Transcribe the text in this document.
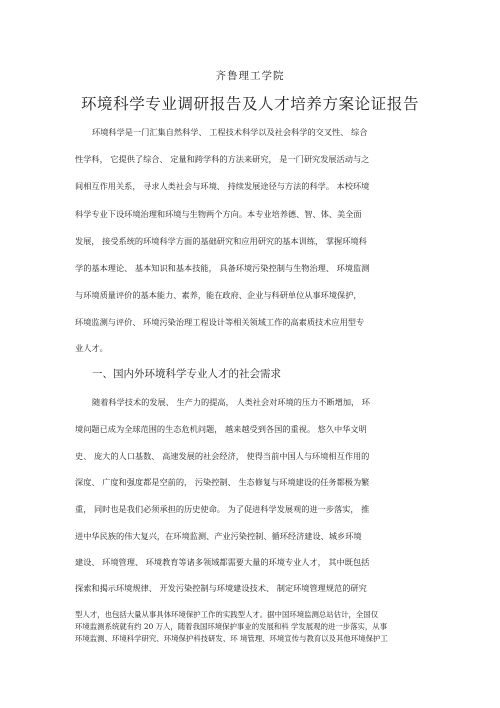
齐鲁理工学院
环境科学专业调研报告及人才培养方案论证报告
环境科学是一门汇集自然科学、 工程技术科学以及社会科学的交叉性、 综合
性学科， 它提供了综合、 定量和跨学科的方法来研究， 是一门研究发展活动与之
间相互作用关系， 寻求人类社会与环境、 持续发展途径与方法的科学。 本校环境
科学专业下设环境治理和环境与生物两个方向。本专业培养德、智、体、美全面
发展， 接受系统的环境科学方面的基础研究和应用研究的基本训练， 掌握环境科
学的基本理论、 基本知识和基本技能， 具备环境污染控制与生物治理、 环境监测
与环境质量评价的基本能力、素养，能在政府、企业与科研单位从事环境保护，
环境监测与评价、 环境污染治理工程设计等相关领域工作的高素质技术应用型专
业人才。
一、国内外环境科学专业人才的社会需求
随着科学技术的发展、 生产力的提高， 人类社会对环境的压力不断增加， 环
境问题已成为全球范围的生态危机问题， 越来越受到各国的重视。 悠久中华文明
史、 庞大的人口基数、 高速发展的社会经济， 使得当前中国人与环境相互作用的
深度、 广度和强度都是空前的， 污染控制、 生态修复与环境建设的任务都极为繁
重， 同时也是我们必须承担的历史使命。 为了促进科学发展观的进一步落实， 推
进中华民族的伟大复兴，在环境监测、产业污染控制、循环经济建设、城乡环境
建设、 环境管理、 环境教育等诸多领域都需要大量的环境专业人才， 其中既包括
探索和揭示环境规律、 开发污染控制与环境建设技术、 制定环境管理规范的研究
型人才，也包括大量从事具体环境保护工作的实践型人才。据中国环境监测总站估计，全国仅
环境监测系统就有约 20 万人，随着我国环境保护事业的发展和科 学发展观的进一步落实，从事
环境监测、环境科学研究、环境保护科技研发、环 境管理、环境宣传与教育以及其他环境保护工
